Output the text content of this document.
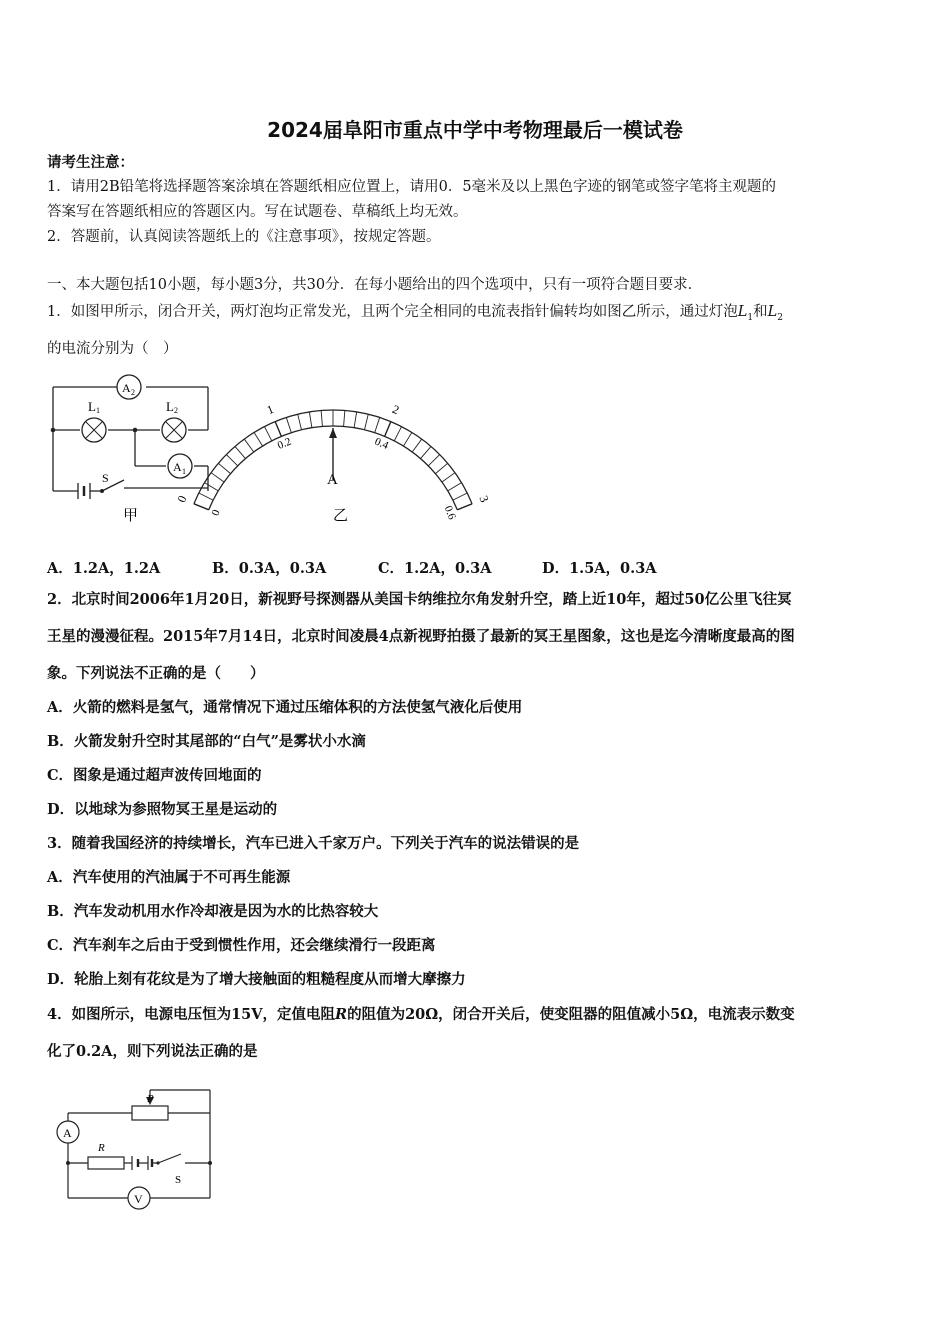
2024届阜阳市重点中学中考物理最后一模试卷
请考生注意：
1．请用2B铅笔将选择题答案涂填在答题纸相应位置上，请用0．5毫米及以上黑色字迹的钢笔或签字笔将主观题的
答案写在答题纸相应的答题区内。写在试题卷、草稿纸上均无效。
2．答题前，认真阅读答题纸上的《注意事项》，按规定答题。
一、本大题包括10小题，每小题3分，共30分．在每小题给出的四个选项中，只有一项符合题目要求．
1．如图甲所示，闭合开关，两灯泡均正常发光，且两个完全相同的电流表指针偏转均如图乙所示，通过灯泡$L_1$和$L_2$
的电流分别为（　）
A 2
L 1	L 2
A 1
S
甲
0
1	2
3
0
0.2	0.4
0.6
A
乙
A．1.2A，1.2A	B．0.3A，0.3A	C．1.2A，0.3A	D．1.5A，0.3A
2．北京时间2006年1月20日，新视野号探测器从美国卡纳维拉尔角发射升空，踏上近10年，超过50亿公里飞往冥
王星的漫漫征程。2015年7月14日，北京时间凌晨4点新视野拍摄了最新的冥王星图象，这也是迄今清晰度最高的图
象。下列说法不正确的是（　　）
A．火箭的燃料是氢气，通常情况下通过压缩体积的方法使氢气液化后使用
B．火箭发射升空时其尾部的“白气”是雾状小水滴
C．图象是通过超声波传回地面的
D．以地球为参照物冥王星是运动的
3．随着我国经济的持续增长，汽车已进入千家万户。下列关于汽车的说法错误的是
A．汽车使用的汽油属于不可再生能源
B．汽车发动机用水作冷却液是因为水的比热容较大
C．汽车刹车之后由于受到惯性作用，还会继续滑行一段距离
D．轮胎上刻有花纹是为了增大接触面的粗糙程度从而增大摩擦力
4．如图所示，电源电压恒为15V，定值电阻R的阻值为20Ω，闭合开关后，使变阻器的阻值减小5Ω，电流表示数变
化了0.2A，则下列说法正确的是
A
V
P
R
S
